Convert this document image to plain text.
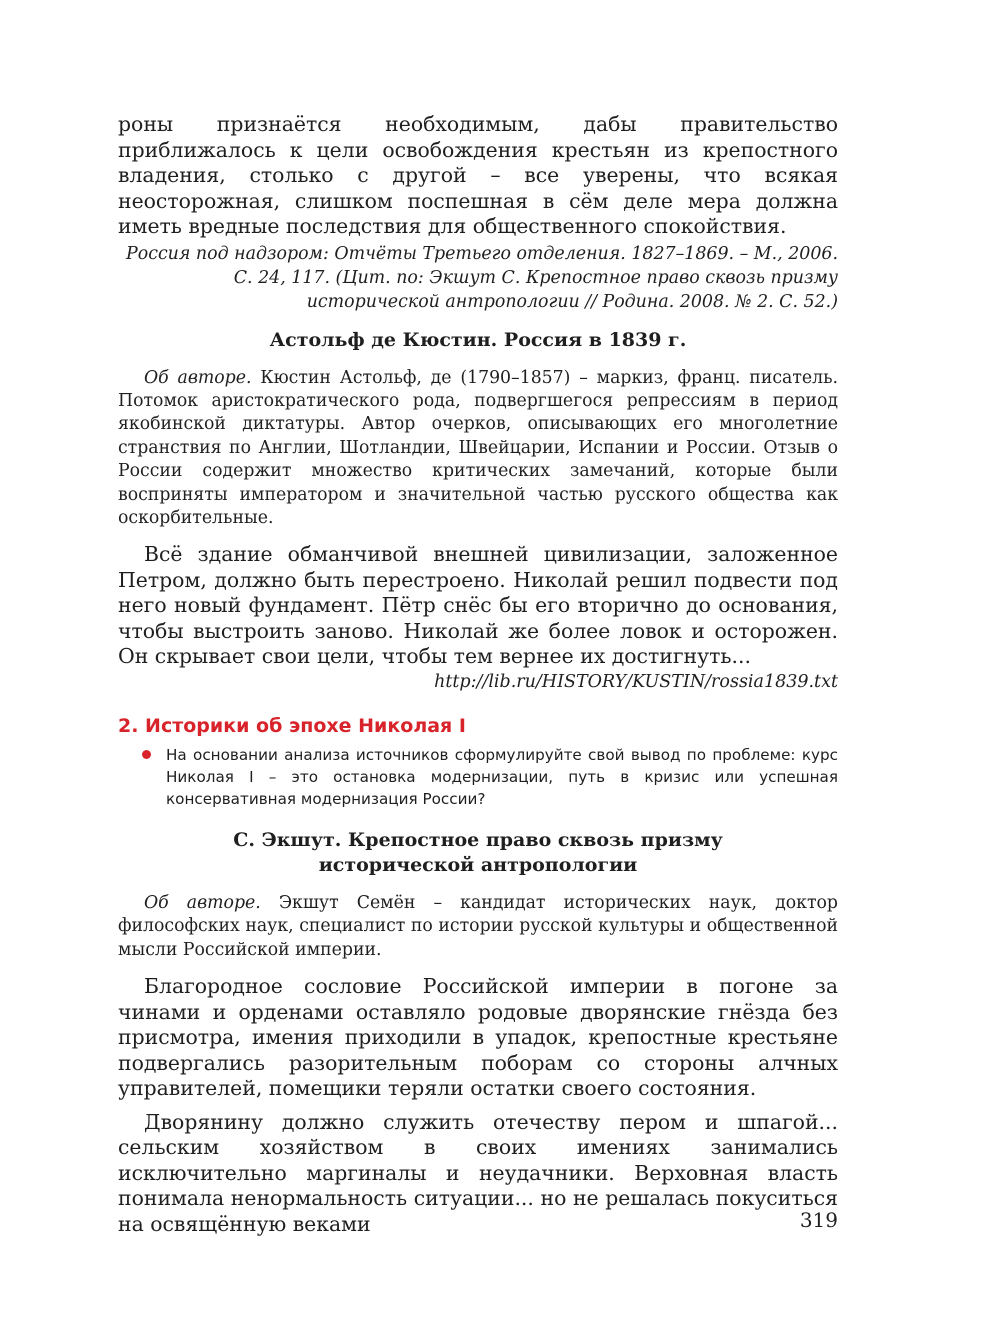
роны признаётся необходимым, дабы правительство приближалось к цели освобождения крестьян из крепостного владения, столько с другой – все уверены, что всякая неосторожная, слишком поспешная в сём деле мера должна иметь вредные последствия для общественного спокойствия.

Россия под надзором: Отчёты Третьего отделения. 1827–1869. – М., 2006. С. 24, 117. (Цит. по: Экшут С. Крепостное право сквозь призму исторической антропологии // Родина. 2008. № 2. С. 52.)

Астольф де Кюстин. Россия в 1839 г.

Об авторе. Кюстин Астольф, де (1790–1857) – маркиз, франц. писатель. Потомок аристократического рода, подвергшегося репрессиям в период якобинской диктатуры. Автор очерков, описывающих его многолетние странствия по Англии, Шотландии, Швейцарии, Испании и России. Отзыв о России содержит множество критических замечаний, которые были восприняты императором и значительной частью русского общества как оскорбительные.

Всё здание обманчивой внешней цивилизации, заложенное Петром, должно быть перестроено. Николай решил подвести под него новый фундамент. Пётр снёс бы его вторично до основания, чтобы выстроить заново. Николай же более ловок и осторожен. Он скрывает свои цели, чтобы тем вернее их достигнуть...

http://lib.ru/HISTORY/KUSTIN/rossia1839.txt

2. Историки об эпохе Николая I

На основании анализа источников сформулируйте свой вывод по проблеме: курс Николая I – это остановка модернизации, путь в кризис или успешная консервативная модернизация России?

С. Экшут. Крепостное право сквозь призму
исторической антропологии

Об авторе. Экшут Семён – кандидат исторических наук, доктор философских наук, специалист по истории русской культуры и общественной мысли Российской империи.

Благородное сословие Российской империи в погоне за чинами и орденами оставляло родовые дворянские гнёзда без присмотра, имения приходили в упадок, крепостные крестьяне подвергались разорительным поборам со стороны алчных управителей, помещики теряли остатки своего состояния.

Дворянину должно служить отечеству пером и шпагой... сельским хозяйством в своих имениях занимались исключительно маргиналы и неудачники. Верховная власть понимала ненормальность ситуации... но не решалась покуситься на освящённую веками	319
